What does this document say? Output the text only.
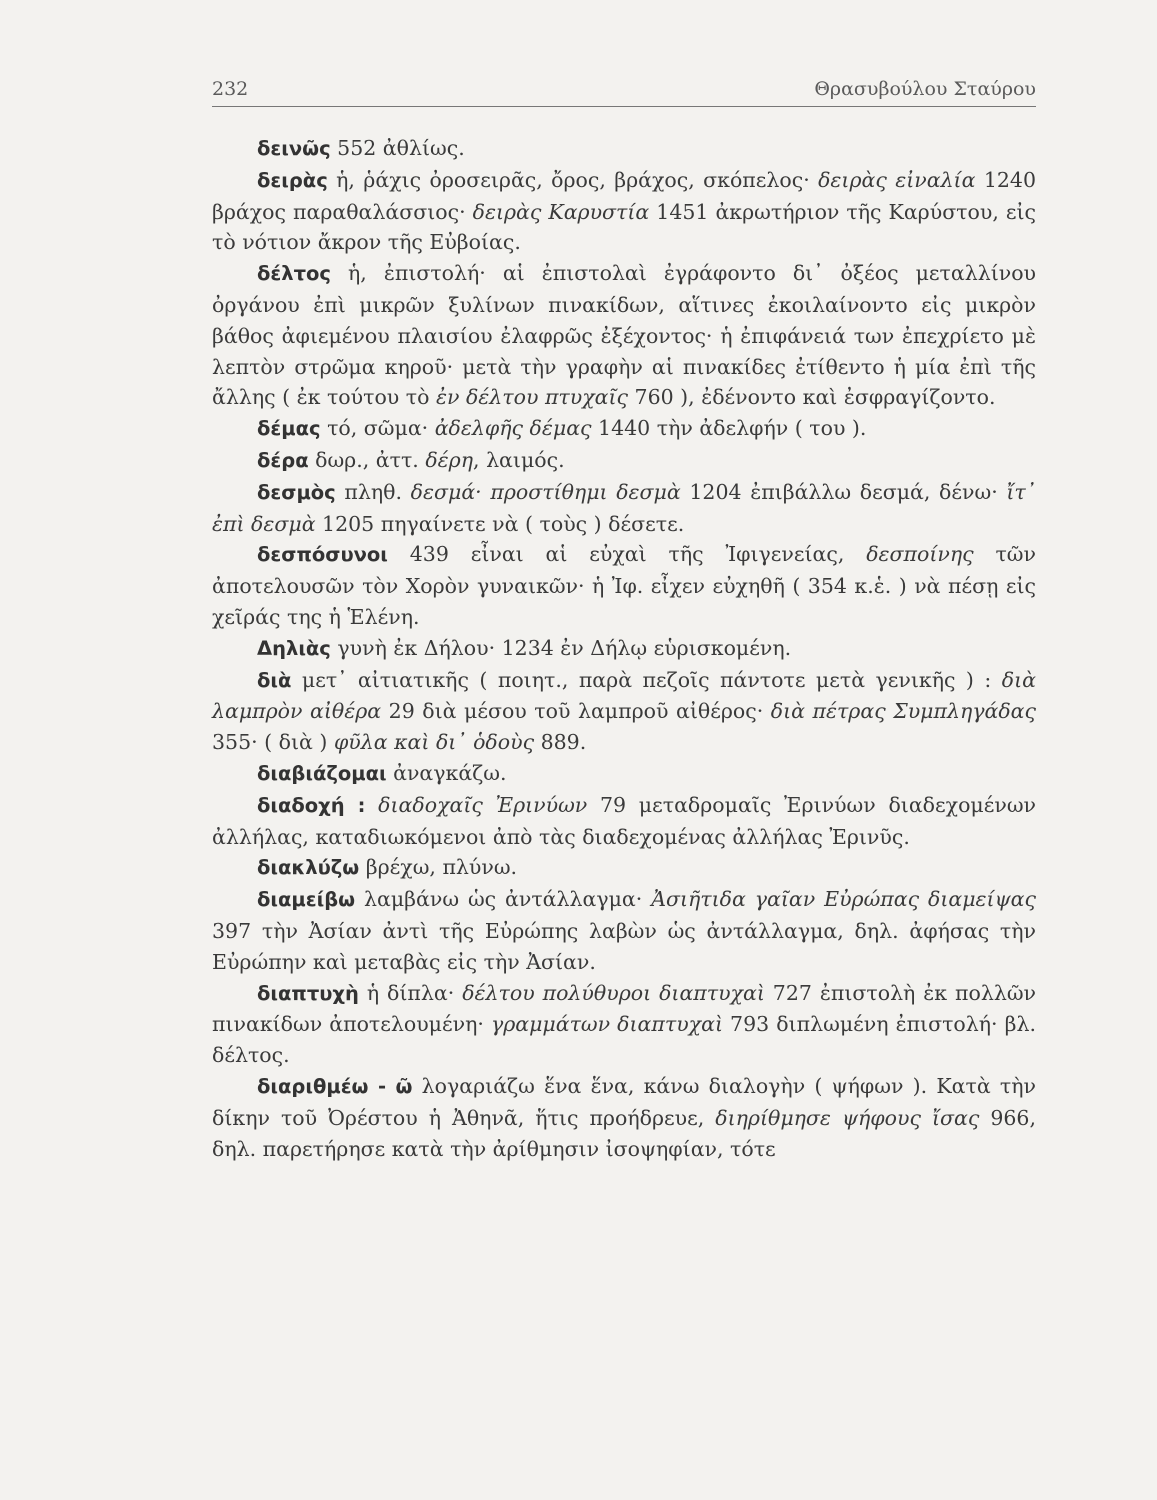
232	Θρασυβούλου Σταύρου
δεινῶς 552 ἀθλίως.
δειρὰς ἡ, ῥάχις ὀροσειρᾶς, ὄρος, βράχος, σκόπελος· δειρὰς εἰναλία 1240 βράχος παραθαλάσσιος· δειρὰς Καρυστία 1451 ἀκρωτήριον τῆς Καρύστου, εἰς τὸ νότιον ἄκρον τῆς Εὐβοίας.
δέλτος ἡ, ἐπιστολή· αἱ ἐπιστολαὶ ἐγράφοντο δι᾽ ὀξέος μεταλλίνου ὀργάνου ἐπὶ μικρῶν ξυλίνων πινακίδων, αἵτινες ἐκοιλαίνοντο εἰς μικρὸν βάθος ἀφιεμένου πλαισίου ἐλαφρῶς ἐξέχοντος· ἡ ἐπιφάνειά των ἐπεχρίετο μὲ λεπτὸν στρῶμα κηροῦ· μετὰ τὴν γραφὴν αἱ πινακίδες ἐτίθεντο ἡ μία ἐπὶ τῆς ἄλλης ( ἐκ τούτου τὸ ἐν δέλτου πτυχαῖς 760 ), ἐδένοντο καὶ ἐσφραγίζοντο.
δέμας τό, σῶμα· ἀδελφῆς δέμας 1440 τὴν ἀδελφήν ( του ).
δέρα δωρ., ἀττ. δέρη, λαιμός.
δεσμὸς πληθ. δεσμά· προστίθημι δεσμὰ 1204 ἐπιβάλλω δεσμά, δένω· ἴτ᾽ ἐπὶ δεσμὰ 1205 πηγαίνετε νὰ ( τοὺς ) δέσετε.
δεσπόσυνοι 439 εἶναι αἱ εὐχαὶ τῆς Ἰφιγενείας, δεσποίνης τῶν ἀποτελουσῶν τὸν Χορὸν γυναικῶν· ἡ Ἰφ. εἶχεν εὐχηθῆ ( 354 κ.ἑ. ) νὰ πέσῃ εἰς χεῖράς της ἡ Ἑλένη.
Δηλιὰς γυνὴ ἐκ Δήλου· 1234 ἐν Δήλῳ εὑρισκομένη.
διὰ μετ᾽ αἰτιατικῆς ( ποιητ., παρὰ πεζοῖς πάντοτε μετὰ γενικῆς ) : διὰ λαμπρὸν αἰθέρα 29 διὰ μέσου τοῦ λαμπροῦ αἰθέρος· διὰ πέτρας Συμπληγάδας 355· ( διὰ ) φῦλα καὶ δι᾽ ὁδοὺς 889.
διαβιάζομαι ἀναγκάζω.
διαδοχή : διαδοχαῖς Ἐρινύων 79 μεταδρομαῖς Ἐρινύων διαδεχομένων ἀλλήλας, καταδιωκόμενοι ἀπὸ τὰς διαδεχομένας ἀλλήλας Ἐρινῦς.
διακλύζω βρέχω, πλύνω.
διαμείβω λαμβάνω ὡς ἀντάλλαγμα· Ἀσιῆτιδα γαῖαν Εὐρώπας διαμείψας 397 τὴν Ἀσίαν ἀντὶ τῆς Εὐρώπης λαβὼν ὡς ἀντάλλαγμα, δηλ. ἀφήσας τὴν Εὐρώπην καὶ μεταβὰς εἰς τὴν Ἀσίαν.
διαπτυχὴ ἡ δίπλα· δέλτου πολύθυροι διαπτυχαὶ 727 ἐπιστολὴ ἐκ πολλῶν πινακίδων ἀποτελουμένη· γραμμάτων διαπτυχαὶ 793 διπλωμένη ἐπιστολή· βλ. δέλτος.
διαριθμέω - ῶ λογαριάζω ἕνα ἕνα, κάνω διαλογὴν ( ψήφων ). Κατὰ τὴν δίκην τοῦ Ὀρέστου ἡ Ἀθηνᾶ, ἥτις προήδρευε, διηρίθμησε ψήφους ἴσας 966, δηλ. παρετήρησε κατὰ τὴν ἀρίθμησιν ἰσοψηφίαν, τότε
